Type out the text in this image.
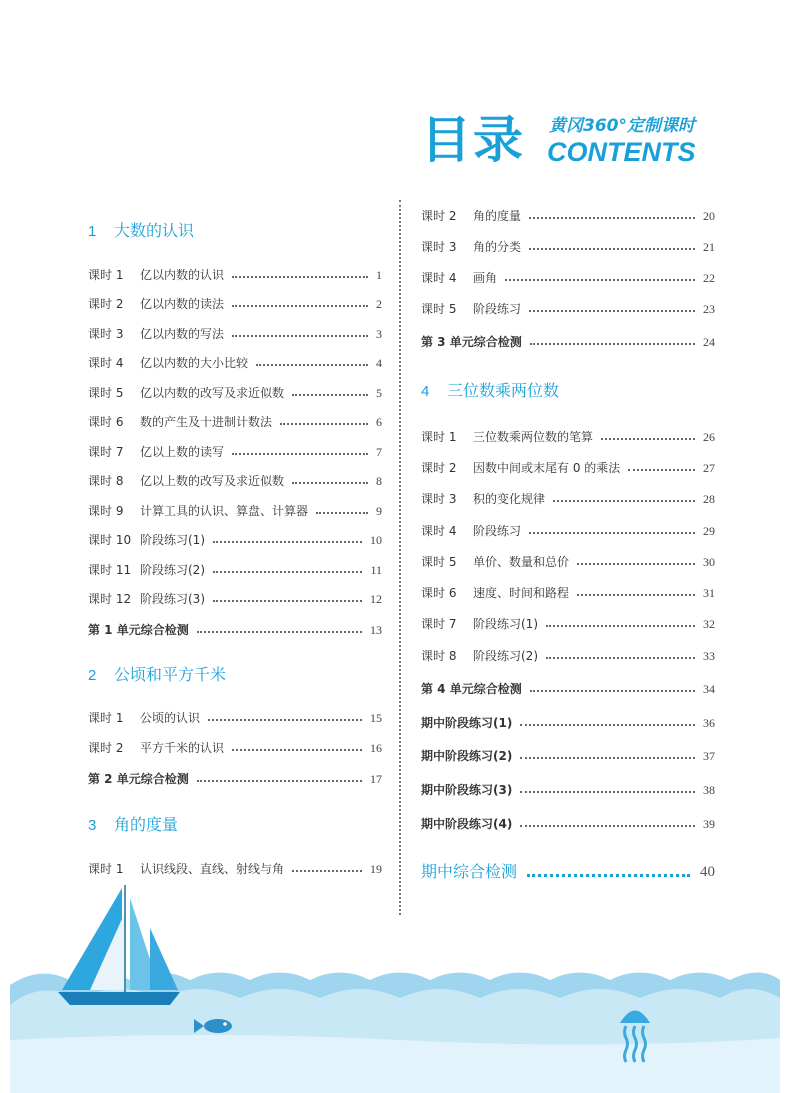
目录 黄冈360°定制课时
CONTENTS
1 大数的认识
课时 1	亿以内数的认识	1
课时 2	亿以内数的读法	2
课时 3	亿以内数的写法	3
课时 4	亿以内数的大小比较	4
课时 5	亿以内数的改写及求近似数	5
课时 6	数的产生及十进制计数法	6
课时 7	亿以上数的读写	7
课时 8	亿以上数的改写及求近似数	8
课时 9	计算工具的认识、算盘、计算器	9
课时 10 阶段练习(1)	10
课时 11 阶段练习(2)	11
课时 12 阶段练习(3)	12
第 1 单元综合检测	13
2 公顷和平方千米
课时 1	公顷的认识	15
课时 2	平方千米的认识	16
第 2 单元综合检测	17
3 角的度量
课时 1	认识线段、直线、射线与角	19
课时 2	角的度量	20
课时 3	角的分类	21
课时 4	画角	22
课时 5	阶段练习	23
第 3 单元综合检测	24
4 三位数乘两位数
课时 1	三位数乘两位数的笔算	26
课时 2	因数中间或末尾有 0 的乘法	27
课时 3	积的变化规律	28
课时 4	阶段练习	29
课时 5	单价、数量和总价	30
课时 6	速度、时间和路程	31
课时 7	阶段练习(1)	32
课时 8	阶段练习(2)	33
第 4 单元综合检测	34
期中阶段练习(1)	36
期中阶段练习(2)	37
期中阶段练习(3)	38
期中阶段练习(4)	39
期中综合检测	40
